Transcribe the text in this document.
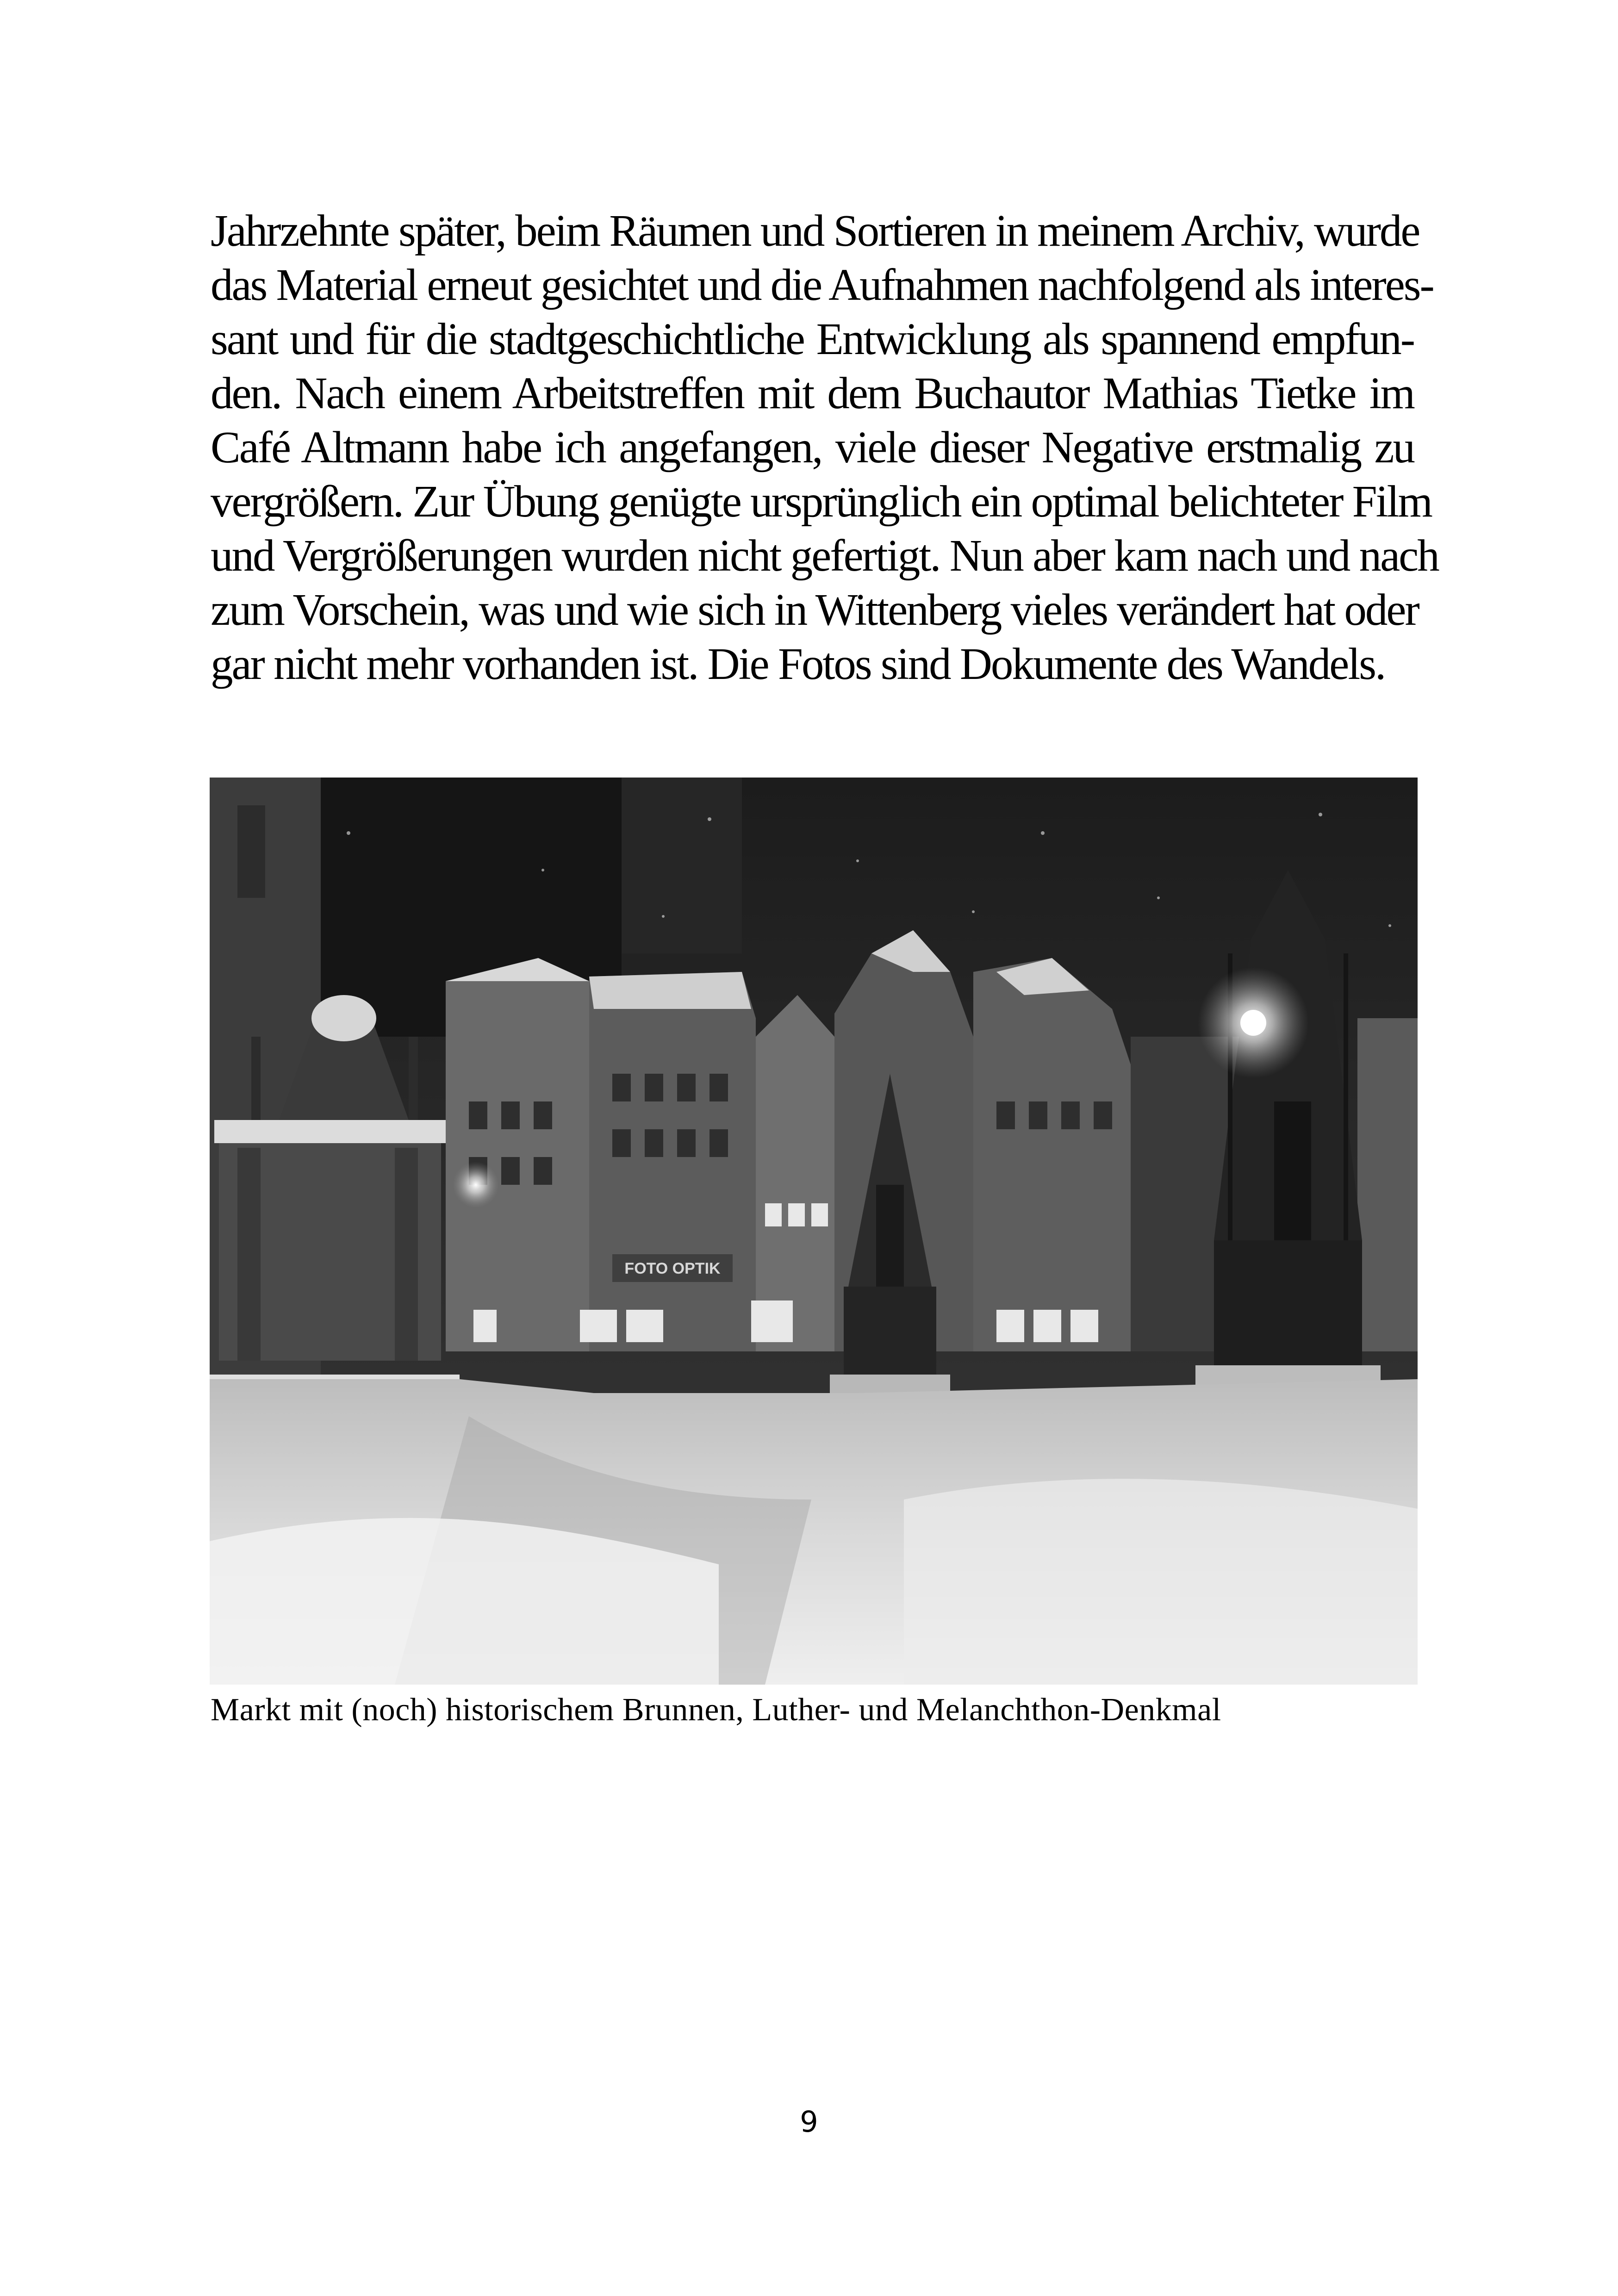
Jahrzehnte später, beim Räumen und Sortieren in meinem Archiv, wurde
das Material erneut gesichtet und die Aufnahmen nachfolgend als interes-
sant und für die stadtgeschichtliche Entwicklung als spannend empfun-
den. Nach einem Arbeitstreffen mit dem Buchautor Mathias Tietke im
Café Altmann habe ich angefangen, viele dieser Negative erstmalig zu
vergrößern. Zur Übung genügte ursprünglich ein optimal belichteter Film
und Vergrößerungen wurden nicht gefertigt. Nun aber kam nach und nach
zum Vorschein, was und wie sich in Wittenberg vieles verändert hat oder
gar nicht mehr vorhanden ist. Die Fotos sind Dokumente des Wandels.
FOTO OPTIK
Markt mit (noch) historischem Brunnen, Luther- und Melanchthon-Denkmal
9
